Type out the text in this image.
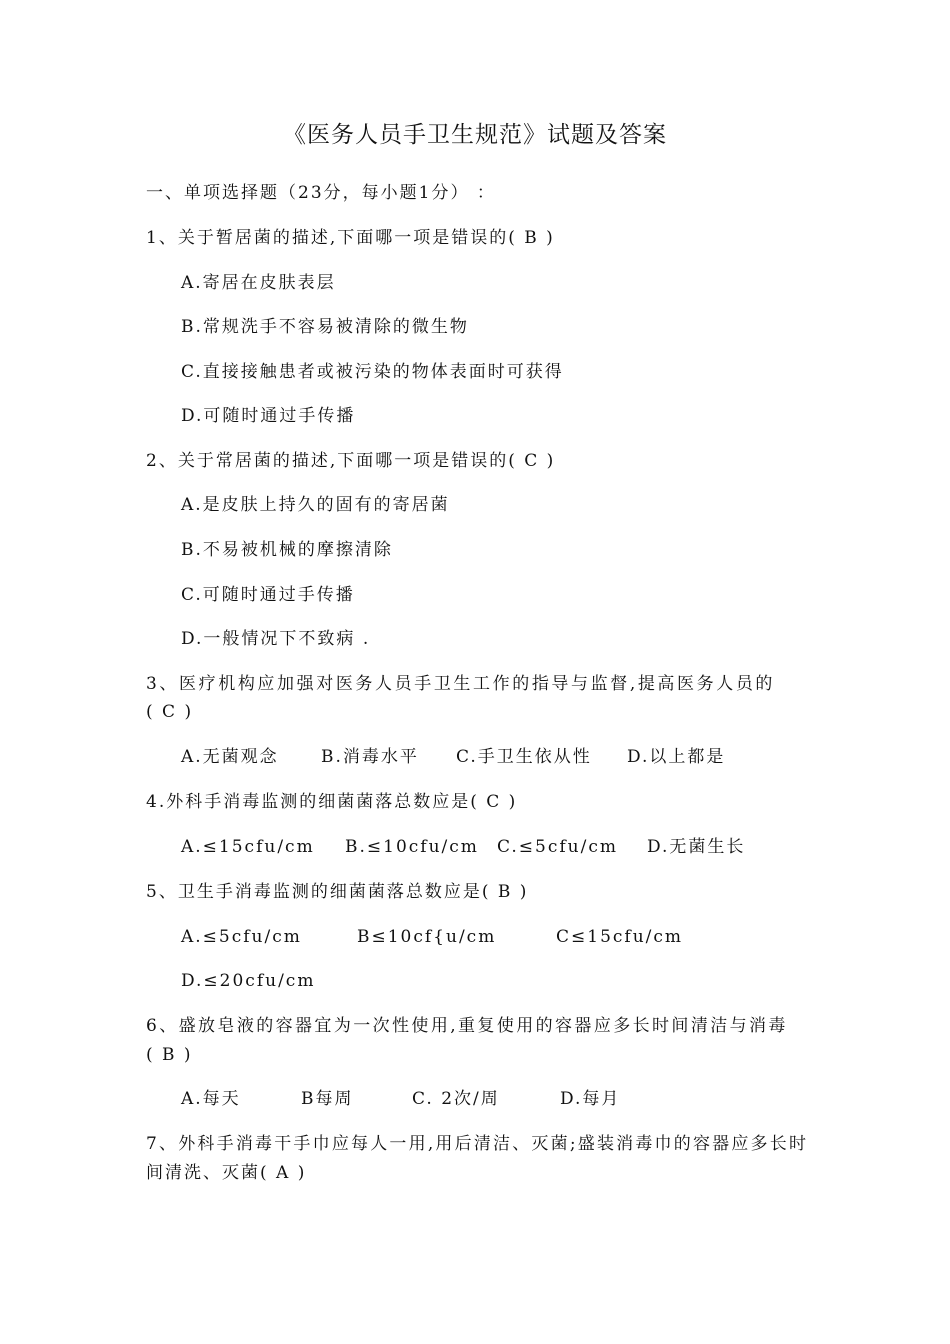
《医务人员手卫生规范》试题及答案
一、单项选择题（23分，每小题1分） ：
1、关于暂居菌的描述,下面哪一项是错误的( B )
A.寄居在皮肤表层
B.常规洗手不容易被清除的微生物
C.直接接触患者或被污染的物体表面时可获得
D.可随时通过手传播
2、关于常居菌的描述,下面哪一项是错误的( C )
A.是皮肤上持久的固有的寄居菌
B.不易被机械的摩擦清除
C.可随时通过手传播
D.一般情况下不致病 .
3、医疗机构应加强对医务人员手卫生工作的指导与监督,提高医务人员的
( C )
A.无菌观念 B.消毒水平 C.手卫生依从性 D.以上都是
4.外科手消毒监测的细菌菌落总数应是( C )
A.≤15cfu/cm B.≤10cfu/cm C.≤5cfu/cm D.无菌生长
5、卫生手消毒监测的细菌菌落总数应是( B )
A.≤5cfu/cm	B≤10cf{u/cm	C≤15cfu/cm
D.≤20cfu/cm
6、盛放皂液的容器宜为一次性使用,重复使用的容器应多长时间清洁与消毒
( B )
A.每天	B每周	C. 2次/周	D.每月
7、外科手消毒干手巾应每人一用,用后清洁、灭菌;盛装消毒巾的容器应多长时
间清洗、灭菌( A )
